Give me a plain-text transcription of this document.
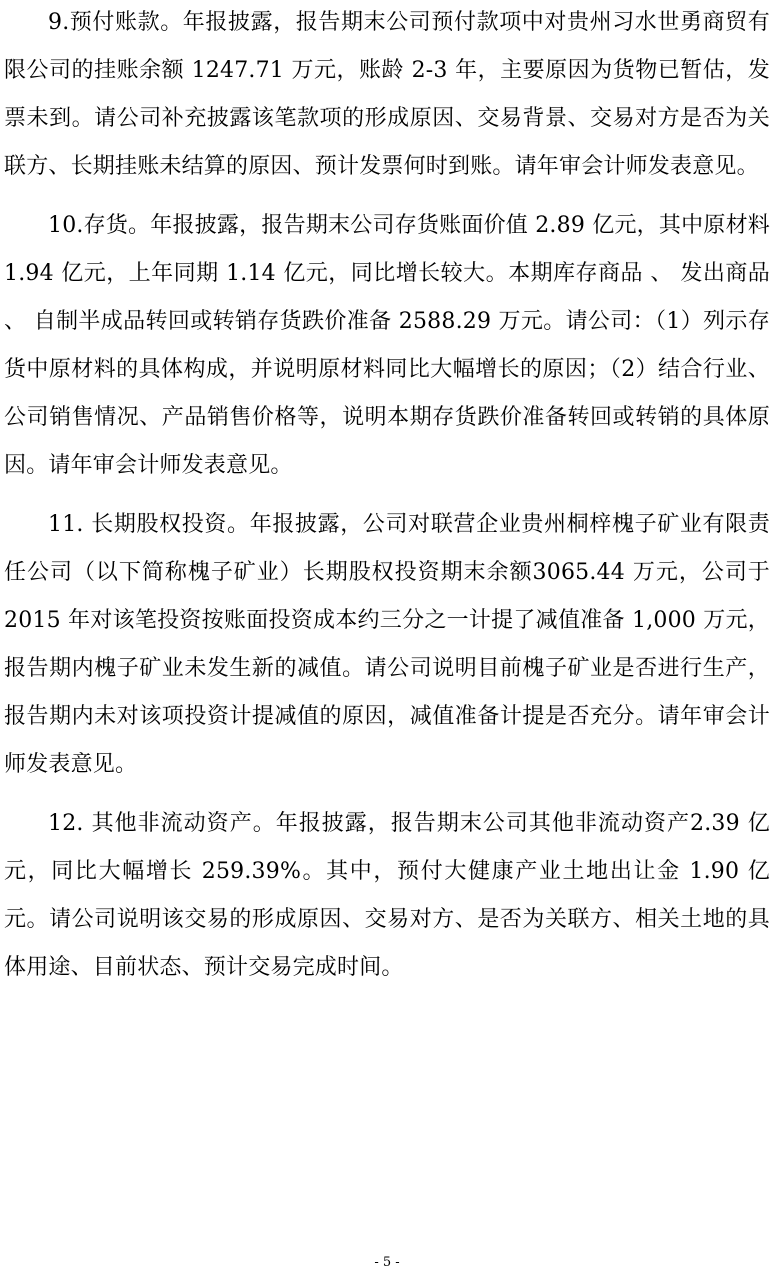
9.预付账款。年报披露，报告期末公司预付款项中对贵州习水世勇商贸有限公司的挂账余额 1247.71 万元，账龄 2-3 年，主要原因为货物已暂估，发票未到。请公司补充披露该笔款项的形成原因、交易背景、交易对方是否为关联方、长期挂账未结算的原因、预计发票何时到账。请年审会计师发表意见。

10.存货。年报披露，报告期末公司存货账面价值 2.89 亿元，其中原材料 1.94 亿元，上年同期 1.14 亿元，同比增长较大。本期库存商品 、 发出商品 、 自制半成品转回或转销存货跌价准备 2588.29 万元。请公司：（1）列示存货中原材料的具体构成，并说明原材料同比大幅增长的原因；（2）结合行业、公司销售情况、产品销售价格等，说明本期存货跌价准备转回或转销的具体原因。请年审会计师发表意见。

11. 长期股权投资。年报披露，公司对联营企业贵州桐梓槐子矿业有限责任公司（以下简称槐子矿业）长期股权投资期末余额3065.44 万元，公司于 2015 年对该笔投资按账面投资成本约三分之一计提了减值准备 1,000 万元，报告期内槐子矿业未发生新的减值。请公司说明目前槐子矿业是否进行生产，报告期内未对该项投资计提减值的原因，减值准备计提是否充分。请年审会计师发表意见。

12. 其他非流动资产。年报披露，报告期末公司其他非流动资产2.39 亿元，同比大幅增长 259.39%。其中，预付大健康产业土地出让金 1.90 亿元。请公司说明该交易的形成原因、交易对方、是否为关联方、相关土地的具体用途、目前状态、预计交易完成时间。

- 5 -
